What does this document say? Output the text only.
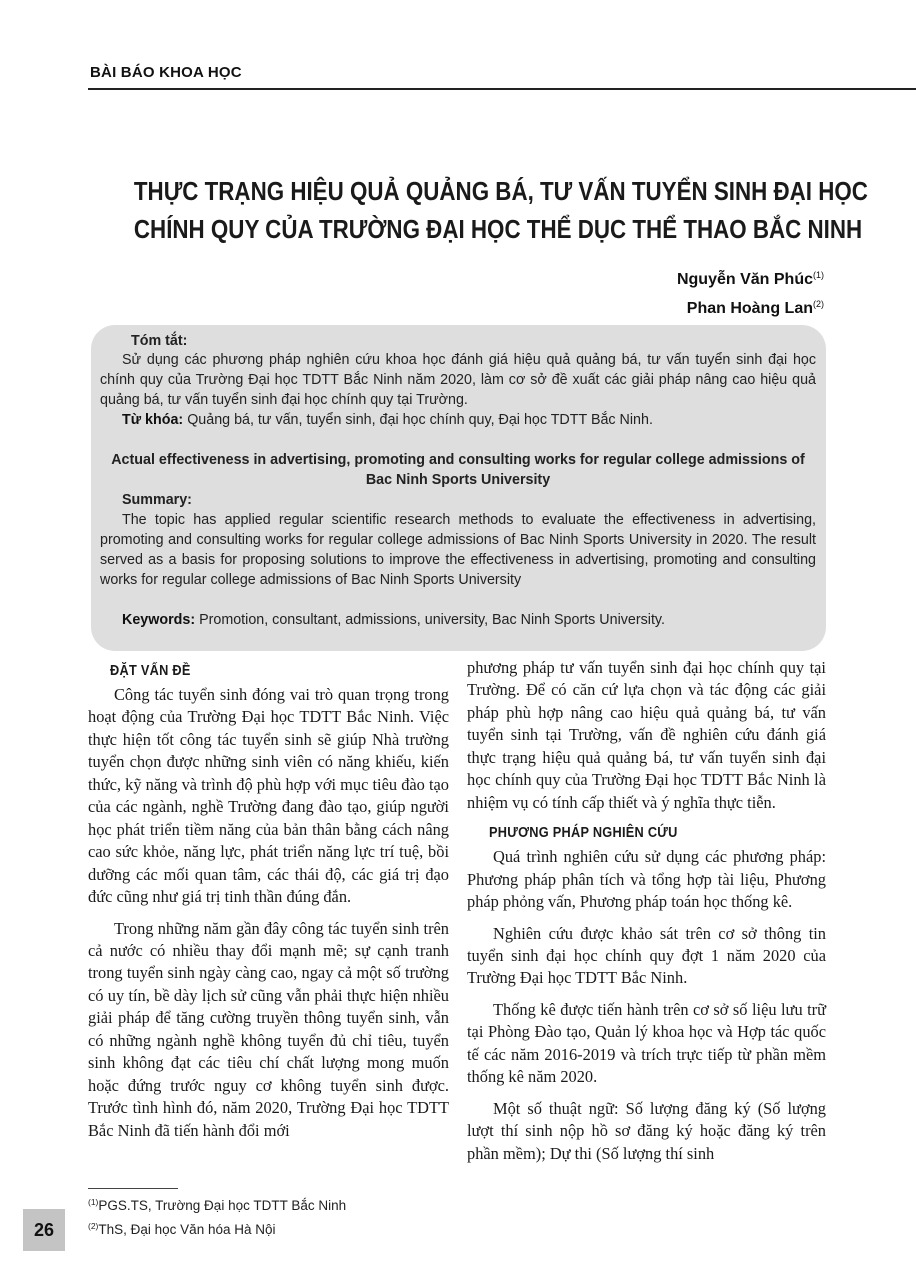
BÀI BÁO KHOA HỌC
THỰC TRẠNG HIỆU QUẢ QUẢNG BÁ, TƯ VẤN TUYỂN SINH ĐẠI HỌC
CHÍNH QUY CỦA TRƯỜNG ĐẠI HỌC THỂ DỤC THỂ THAO BẮC NINH
Nguyễn Văn Phúc$^{(1)}$
Phan Hoàng Lan$^{(2)}$
Tóm tắt:
Sử dụng các phương pháp nghiên cứu khoa học đánh giá hiệu quả quảng bá, tư vấn tuyển sinh đại học chính quy của Trường Đại học TDTT Bắc Ninh năm 2020, làm cơ sở đề xuất các giải pháp nâng cao hiệu quả quảng bá, tư vấn tuyển sinh đại học chính quy tại Trường.
Từ khóa: Quảng bá, tư vấn, tuyển sinh, đại học chính quy, Đại học TDTT Bắc Ninh.
Actual effectiveness in advertising, promoting and consulting works for regular college admissions of Bac Ninh Sports University
Summary:
The topic has applied regular scientific research methods to evaluate the effectiveness in advertising, promoting and consulting works for regular college admissions of Bac Ninh Sports University in 2020. The result served as a basis for proposing solutions to improve the effectiveness in advertising, promoting and consulting works for regular college admissions of Bac Ninh Sports University
Keywords: Promotion, consultant, admissions, university, Bac Ninh Sports University.
ĐẶT VẤN ĐỀ

Công tác tuyển sinh đóng vai trò quan trọng trong hoạt động của Trường Đại học TDTT Bắc Ninh. Việc thực hiện tốt công tác tuyển sinh sẽ giúp Nhà trường tuyển chọn được những sinh viên có năng khiếu, kiến thức, kỹ năng và trình độ phù hợp với mục tiêu đào tạo của các ngành, nghề Trường đang đào tạo, giúp người học phát triển tiềm năng của bản thân bằng cách nâng cao sức khỏe, năng lực, phát triển năng lực trí tuệ, bồi dưỡng các mối quan tâm, các thái độ, các giá trị đạo đức cũng như giá trị tinh thần đúng đắn.

Trong những năm gần đây công tác tuyển sinh trên cả nước có nhiều thay đổi mạnh mẽ; sự cạnh tranh trong tuyển sinh ngày càng cao, ngay cả một số trường có uy tín, bề dày lịch sử cũng vẫn phải thực hiện nhiều giải pháp để tăng cường truyền thông tuyển sinh, vẫn có những ngành nghề không tuyển đủ chỉ tiêu, tuyển sinh không đạt các tiêu chí chất lượng mong muốn hoặc đứng trước nguy cơ không tuyển sinh được. Trước tình hình đó, năm 2020, Trường Đại học TDTT Bắc Ninh đã tiến hành đổi mới

phương pháp tư vấn tuyển sinh đại học chính quy tại Trường. Để có căn cứ lựa chọn và tác động các giải pháp phù hợp nâng cao hiệu quả quảng bá, tư vấn tuyển sinh tại Trường, vấn đề nghiên cứu đánh giá thực trạng hiệu quả quảng bá, tư vấn tuyển sinh đại học chính quy của Trường Đại học TDTT Bắc Ninh là nhiệm vụ có tính cấp thiết và ý nghĩa thực tiễn.

PHƯƠNG PHÁP NGHIÊN CỨU

Quá trình nghiên cứu sử dụng các phương pháp: Phương pháp phân tích và tổng hợp tài liệu, Phương pháp phỏng vấn, Phương pháp toán học thống kê.

Nghiên cứu được khảo sát trên cơ sở thông tin tuyển sinh đại học chính quy đợt 1 năm 2020 của Trường Đại học TDTT Bắc Ninh.

Thống kê được tiến hành trên cơ sở số liệu lưu trữ tại Phòng Đào tạo, Quản lý khoa học và Hợp tác quốc tế các năm 2016-2019 và trích trực tiếp từ phần mềm thống kê năm 2020.

Một số thuật ngữ: Số lượng đăng ký (Số lượng lượt thí sinh nộp hồ sơ đăng ký hoặc đăng ký trên phần mềm); Dự thi (Số lượng thí sinh

$^{(1)}$PGS.TS, Trường Đại học TDTT Bắc Ninh
$^{(2)}$ThS, Đại học Văn hóa Hà Nội
26
